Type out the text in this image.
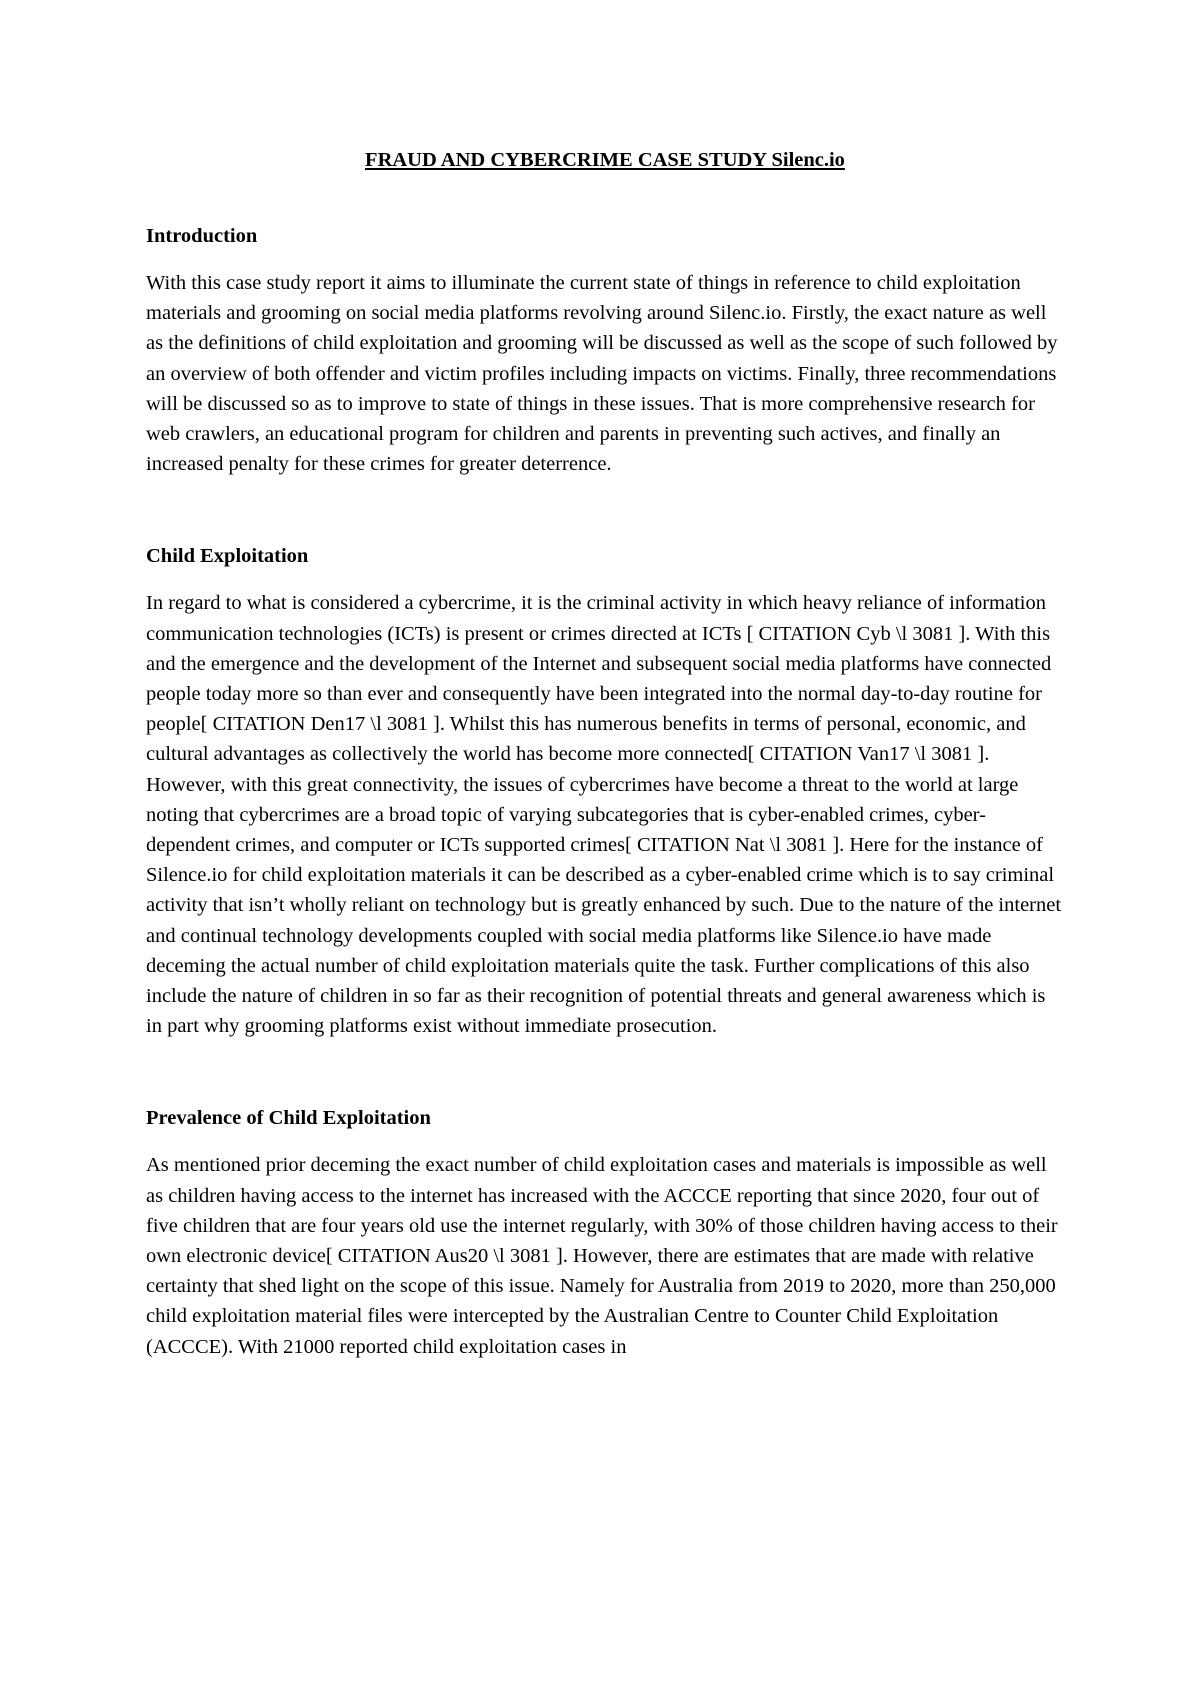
FRAUD AND CYBERCRIME CASE STUDY Silenc.io
Introduction

With this case study report it aims to illuminate the current state of things in reference to child exploitation materials and grooming on social media platforms revolving around Silenc.io. Firstly, the exact nature as well as the definitions of child exploitation and grooming will be discussed as well as the scope of such followed by an overview of both offender and victim profiles including impacts on victims. Finally, three recommendations will be discussed so as to improve to state of things in these issues. That is more comprehensive research for web crawlers, an educational program for children and parents in preventing such actives, and finally an increased penalty for these crimes for greater deterrence.

Child Exploitation

In regard to what is considered a cybercrime, it is the criminal activity in which heavy reliance of information communication technologies (ICTs) is present or crimes directed at ICTs [ CITATION Cyb \l 3081 ]. With this and the emergence and the development of the Internet and subsequent social media platforms have connected people today more so than ever and consequently have been integrated into the normal day-to-day routine for people[ CITATION Den17 \l 3081 ]. Whilst this has numerous benefits in terms of personal, economic, and cultural advantages as collectively the world has become more connected[ CITATION Van17 \l 3081 ]. However, with this great connectivity, the issues of cybercrimes have become a threat to the world at large noting that cybercrimes are a broad topic of varying subcategories that is cyber-enabled crimes, cyber-dependent crimes, and computer or ICTs supported crimes[ CITATION Nat \l 3081 ]. Here for the instance of Silence.io for child exploitation materials it can be described as a cyber-enabled crime which is to say criminal activity that isn’t wholly reliant on technology but is greatly enhanced by such. Due to the nature of the internet and continual technology developments coupled with social media platforms like Silence.io have made deceming the actual number of child exploitation materials quite the task. Further complications of this also include the nature of children in so far as their recognition of potential threats and general awareness which is in part why grooming platforms exist without immediate prosecution.

Prevalence of Child Exploitation

As mentioned prior deceming the exact number of child exploitation cases and materials is impossible as well as children having access to the internet has increased with the ACCCE reporting that since 2020, four out of five children that are four years old use the internet regularly, with 30% of those children having access to their own electronic device[ CITATION Aus20 \l 3081 ]. However, there are estimates that are made with relative certainty that shed light on the scope of this issue. Namely for Australia from 2019 to 2020, more than 250,000 child exploitation material files were intercepted by the Australian Centre to Counter Child Exploitation (ACCCE). With 21000 reported child exploitation cases in
